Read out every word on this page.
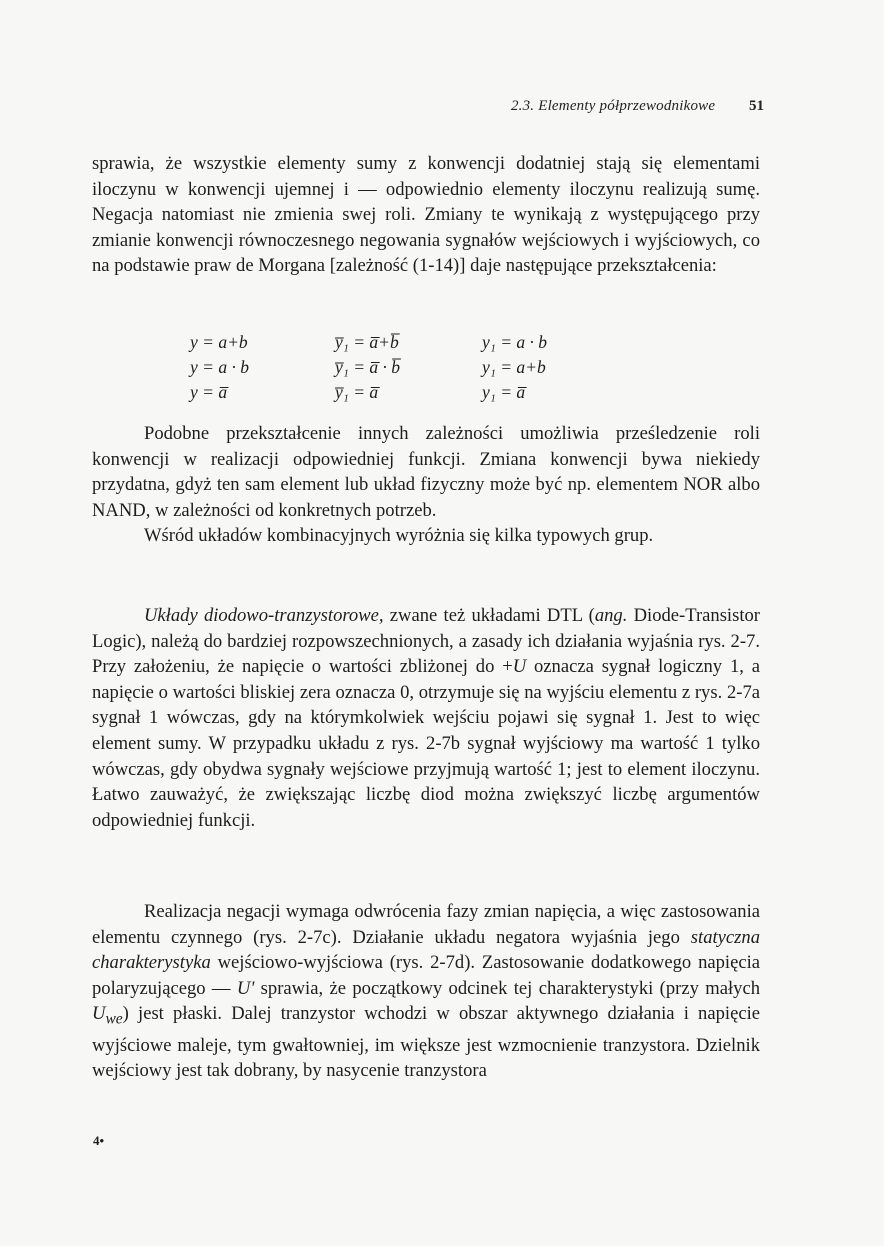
2.3. Elementy półprzewodnikowe 51

sprawia, że wszystkie elementy sumy z konwencji dodatniej stają się elementami iloczynu w konwencji ujemnej i — odpowiednio elementy iloczynu realizują sumę. Negacja natomiast nie zmienia swej roli. Zmiany te wynikają z występującego przy zmianie konwencji równoczesnego negowania sygnałów wejściowych i wyjściowych, co na podstawie praw de Morgana [zależność (1-14)] daje następujące przekształcenia:

y = a+b	y̅₁ = a̅+b̅	y₁ = a · b
y = a · b	y̅₁ = a̅ · b̅	y₁ = a+b
y = a̅	y̅₁ = a̅̅	y₁ = a̅

Podobne przekształcenie innych zależności umożliwia prześledzenie roli konwencji w realizacji odpowiedniej funkcji. Zmiana konwencji bywa niekiedy przydatna, gdyż ten sam element lub układ fizyczny może być np. elementem NOR albo NAND, w zależności od konkretnych potrzeb.

Wśród układów kombinacyjnych wyróżnia się kilka typowych grup.

Układy diodowo-tranzystorowe, zwane też układami DTL (ang. Diode-Transistor Logic), należą do bardziej rozpowszechnionych, a zasady ich działania wyjaśnia rys. 2-7. Przy założeniu, że napięcie o wartości zbliżonej do +U oznacza sygnał logiczny 1, a napięcie o wartości bliskiej zera oznacza 0, otrzymuje się na wyjściu elementu z rys. 2-7a sygnał 1 wówczas, gdy na którymkolwiek wejściu pojawi się sygnał 1. Jest to więc element sumy. W przypadku układu z rys. 2-7b sygnał wyjściowy ma wartość 1 tylko wówczas, gdy obydwa sygnały wejściowe przyjmują wartość 1; jest to element iloczynu. Łatwo zauważyć, że zwiększając liczbę diod można zwiększyć liczbę argumentów odpowiedniej funkcji.

Realizacja negacji wymaga odwrócenia fazy zmian napięcia, a więc zastosowania elementu czynnego (rys. 2-7c). Działanie układu negatora wyjaśnia jego statyczna charakterystyka wejściowo-wyjściowa (rys. 2-7d). Zastosowanie dodatkowego napięcia polaryzującego — U' sprawia, że początkowy odcinek tej charakterystyki (przy małych $U_{we}$) jest płaski. Dalej tranzystor wchodzi w obszar aktywnego działania i napięcie wyjściowe maleje, tym gwałtowniej, im większe jest wzmocnienie tranzystora. Dzielnik wejściowy jest tak dobrany, by nasycenie tranzystora

4•
